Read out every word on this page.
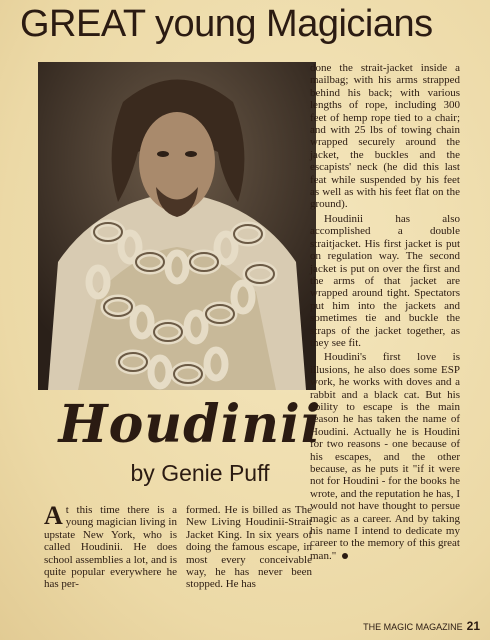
GREAT young Magicians

done the strait-jacket inside a mailbag; with his arms strapped behind his back; with various lengths of rope, including 300 feet of hemp rope tied to a chair; and with 25 lbs of towing chain wrapped securely around the jacket, the buckles and the escapists' neck (he did this last feat while suspended by his feet as well as with his feet flat on the ground).

Houdinii has also accomplished a double straitjacket. His first jacket is put on regulation way. The second jacket is put on over the first and the arms of that jacket are wrapped around tight. Spectators put him into the jackets and sometimes tie and buckle the straps of the jacket together, as they see fit.

Houdini's first love is illusions, he also does some ESP work, he works with doves and a rabbit and a black cat. But his ability to escape is the main reason he has taken the name of Houdini. Actually he is Houdini for two reasons - one because of his escapes, and the other because, as he puts it "if it were not for Houdini - for the books he wrote, and the reputation he has, I would not have thought to persue magic as a career. And by taking his name I intend to dedicate my career to the memory of this great man."

Houdinii
by Genie Puff

At this time there is a young magician living in upstate New York, who is called Houdinii. He does school assemblies a lot, and is quite popular everywhere he has per-

formed. He is billed as The New Living Houdinii-Strait Jacket King. In six years of doing the famous escape, in most every conceivable way, he has never been stopped. He has

THE MAGIC MAGAZINE 21
